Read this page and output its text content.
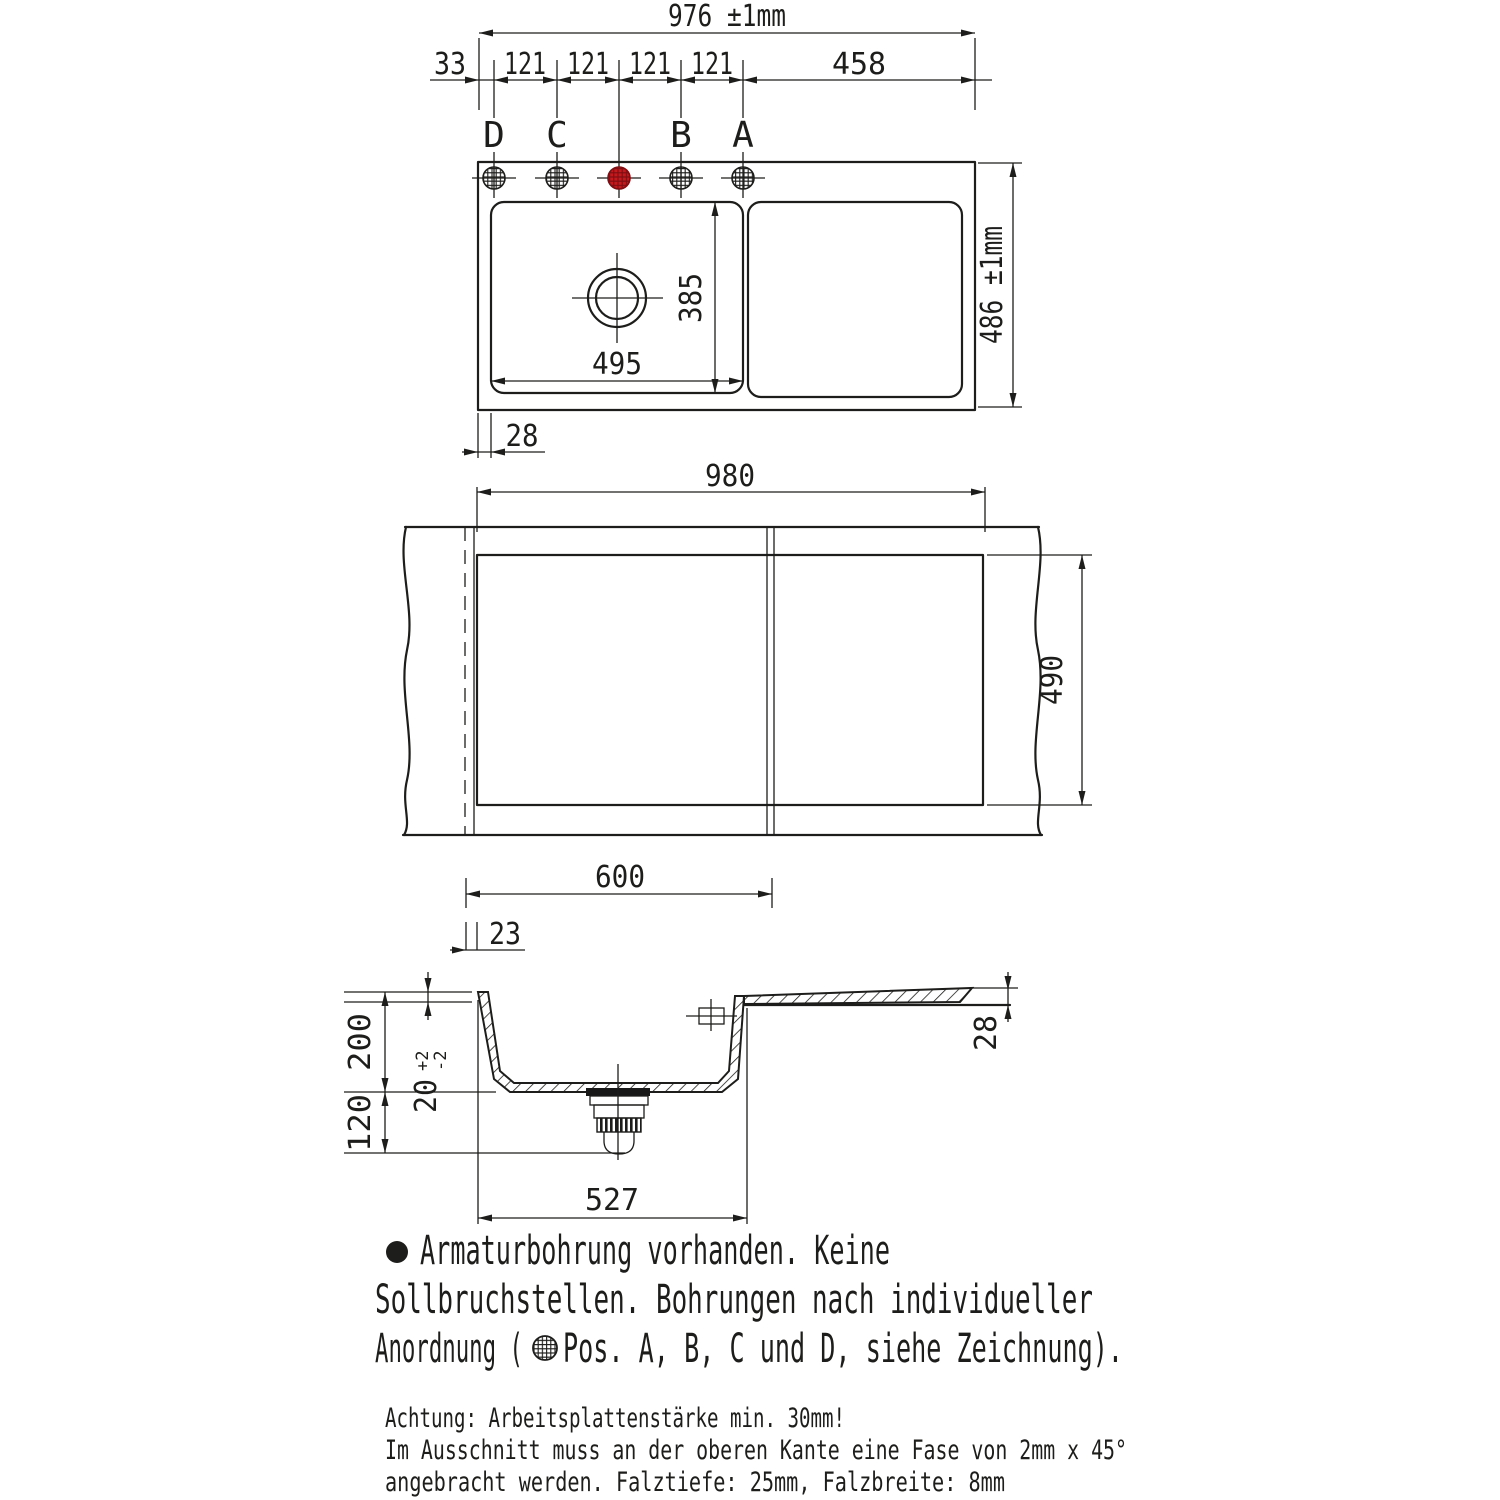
D C	B A
976 ±1mm
33 121 121 121 121	458
486 ±1mm
385
495
28
980
490
600
23
200
20
+2
-2
120
28
527
Armaturbohrung vorhanden. Keine
Sollbruchstellen. Bohrungen nach individueller
Anordnung ( Pos. A, B, C und D, siehe Zeichnung).
Achtung: Arbeitsplattenstärke min. 30mm!
Im Ausschnitt muss an der oberen Kante eine Fase von 2mm x 45°
angebracht werden. Falztiefe: 25mm, Falzbreite: 8mm
